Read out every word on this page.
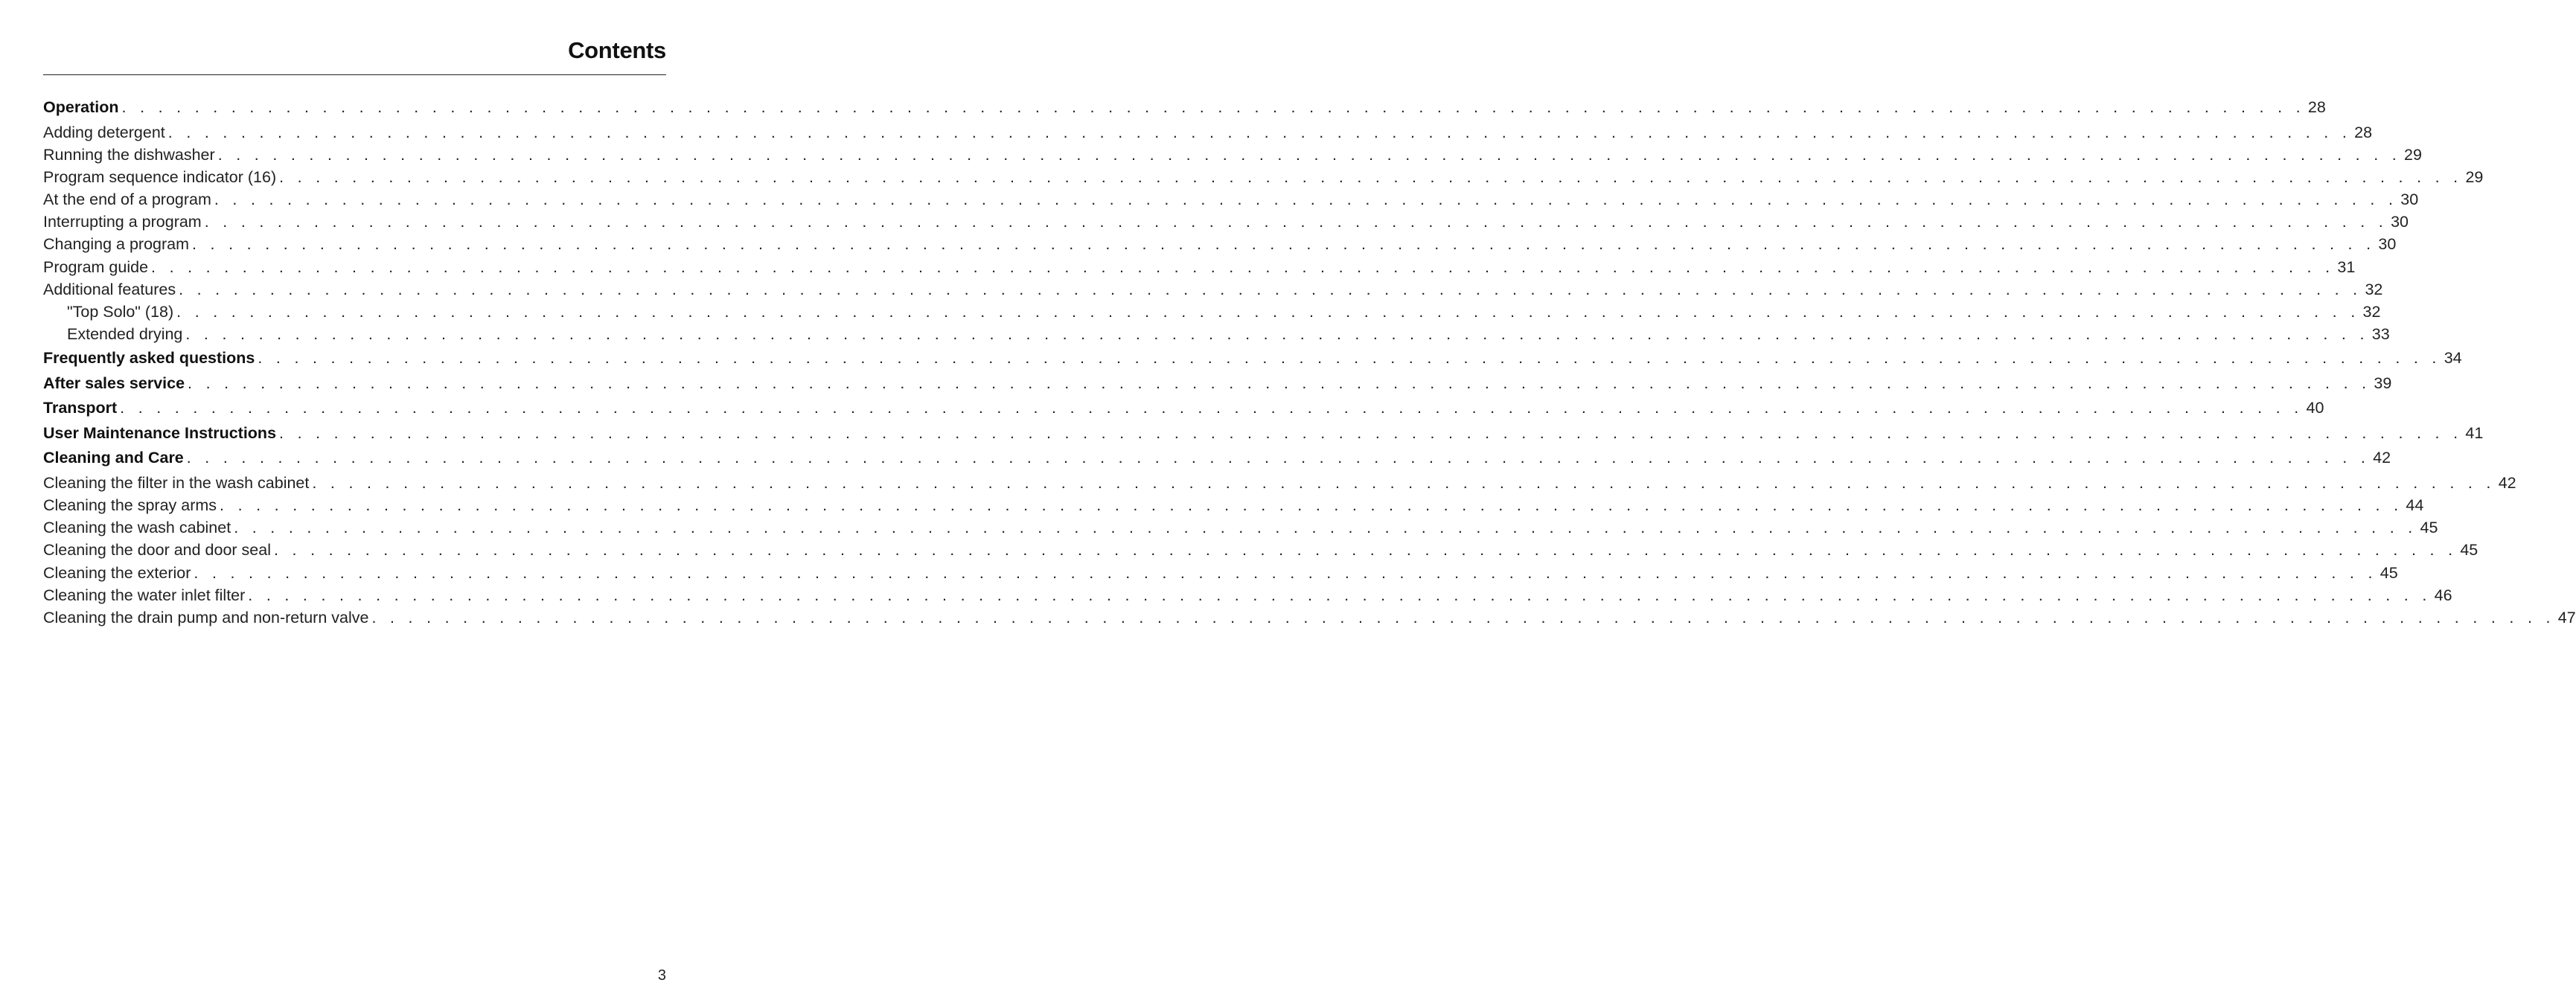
Contents
Operation . . . . . . . . . . . . . . . . . . . . . . . . . . . . . . . . . . . . . . . . . . . . . . . . . . . . . . . . . . . . . . . . . . . . . . . . . . . . . . . . . . . . . . . . . . . . . . . . . . . . . . . . . . . . . . . . . . . . . . . . 28
Adding detergent . . . . . . . . . . . . . . . . . . . . . . . . . . . . . . . . . . . . . . . . . . . . . . . . . . . . . . . . . . . . . . . . . . . . . . . . . . . . . . . . . . . . . . . . . . . . . . . . . . . . . . . . . . . . . . . . . . . . . . . . 28
Running the dishwasher . . . . . . . . . . . . . . . . . . . . . . . . . . . . . . . . . . . . . . . . . . . . . . . . . . . . . . . . . . . . . . . . . . . . . . . . . . . . . . . . . . . . . . . . . . . . . . . . . . . . . . . . . . . . . . . . . . . . . . . . 29
Program sequence indicator (16) . . . . . . . . . . . . . . . . . . . . . . . . . . . . . . . . . . . . . . . . . . . . . . . . . . . . . . . . . . . . . . . . . . . . . . . . . . . . . . . . . . . . . . . . . . . . . . . . . . . . . . . . . . . . . . . . . . . . . . . . 29
At the end of a program . . . . . . . . . . . . . . . . . . . . . . . . . . . . . . . . . . . . . . . . . . . . . . . . . . . . . . . . . . . . . . . . . . . . . . . . . . . . . . . . . . . . . . . . . . . . . . . . . . . . . . . . . . . . . . . . . . . . . . . . 30
Interrupting a program . . . . . . . . . . . . . . . . . . . . . . . . . . . . . . . . . . . . . . . . . . . . . . . . . . . . . . . . . . . . . . . . . . . . . . . . . . . . . . . . . . . . . . . . . . . . . . . . . . . . . . . . . . . . . . . . . . . . . . . . 30
Changing a program . . . . . . . . . . . . . . . . . . . . . . . . . . . . . . . . . . . . . . . . . . . . . . . . . . . . . . . . . . . . . . . . . . . . . . . . . . . . . . . . . . . . . . . . . . . . . . . . . . . . . . . . . . . . . . . . . . . . . . . . 30
Program guide . . . . . . . . . . . . . . . . . . . . . . . . . . . . . . . . . . . . . . . . . . . . . . . . . . . . . . . . . . . . . . . . . . . . . . . . . . . . . . . . . . . . . . . . . . . . . . . . . . . . . . . . . . . . . . . . . . . . . . . . 31
Additional features . . . . . . . . . . . . . . . . . . . . . . . . . . . . . . . . . . . . . . . . . . . . . . . . . . . . . . . . . . . . . . . . . . . . . . . . . . . . . . . . . . . . . . . . . . . . . . . . . . . . . . . . . . . . . . . . . . . . . . . . 32
"Top Solo" (18) . . . . . . . . . . . . . . . . . . . . . . . . . . . . . . . . . . . . . . . . . . . . . . . . . . . . . . . . . . . . . . . . . . . . . . . . . . . . . . . . . . . . . . . . . . . . . . . . . . . . . . . . . . . . . . . . . . . . . . . . 32
Extended drying . . . . . . . . . . . . . . . . . . . . . . . . . . . . . . . . . . . . . . . . . . . . . . . . . . . . . . . . . . . . . . . . . . . . . . . . . . . . . . . . . . . . . . . . . . . . . . . . . . . . . . . . . . . . . . . . . . . . . . . . 33
Frequently asked questions . . . . . . . . . . . . . . . . . . . . . . . . . . . . . . . . . . . . . . . . . . . . . . . . . . . . . . . . . . . . . . . . . . . . . . . . . . . . . . . . . . . . . . . . . . . . . . . . . . . . . . . . . . . . . . . . . . . . . . . . 34
After sales service . . . . . . . . . . . . . . . . . . . . . . . . . . . . . . . . . . . . . . . . . . . . . . . . . . . . . . . . . . . . . . . . . . . . . . . . . . . . . . . . . . . . . . . . . . . . . . . . . . . . . . . . . . . . . . . . . . . . . . . . 39
Transport . . . . . . . . . . . . . . . . . . . . . . . . . . . . . . . . . . . . . . . . . . . . . . . . . . . . . . . . . . . . . . . . . . . . . . . . . . . . . . . . . . . . . . . . . . . . . . . . . . . . . . . . . . . . . . . . . . . . . . . . 40
User Maintenance Instructions . . . . . . . . . . . . . . . . . . . . . . . . . . . . . . . . . . . . . . . . . . . . . . . . . . . . . . . . . . . . . . . . . . . . . . . . . . . . . . . . . . . . . . . . . . . . . . . . . . . . . . . . . . . . . . . . . . . . . . . . 41
Cleaning and Care . . . . . . . . . . . . . . . . . . . . . . . . . . . . . . . . . . . . . . . . . . . . . . . . . . . . . . . . . . . . . . . . . . . . . . . . . . . . . . . . . . . . . . . . . . . . . . . . . . . . . . . . . . . . . . . . . . . . . . . . 42
Cleaning the filter in the wash cabinet . . . . . . . . . . . . . . . . . . . . . . . . . . . . . . . . . . . . . . . . . . . . . . . . . . . . . . . . . . . . . . . . . . . . . . . . . . . . . . . . . . . . . . . . . . . . . . . . . . . . . . . . . . . . . . . . . . . . . . . . 42
Cleaning the spray arms . . . . . . . . . . . . . . . . . . . . . . . . . . . . . . . . . . . . . . . . . . . . . . . . . . . . . . . . . . . . . . . . . . . . . . . . . . . . . . . . . . . . . . . . . . . . . . . . . . . . . . . . . . . . . . . . . . . . . . . . 44
Cleaning the wash cabinet . . . . . . . . . . . . . . . . . . . . . . . . . . . . . . . . . . . . . . . . . . . . . . . . . . . . . . . . . . . . . . . . . . . . . . . . . . . . . . . . . . . . . . . . . . . . . . . . . . . . . . . . . . . . . . . . . . . . . . . . 45
Cleaning the door and door seal . . . . . . . . . . . . . . . . . . . . . . . . . . . . . . . . . . . . . . . . . . . . . . . . . . . . . . . . . . . . . . . . . . . . . . . . . . . . . . . . . . . . . . . . . . . . . . . . . . . . . . . . . . . . . . . . . . . . . . . . 45
Cleaning the exterior . . . . . . . . . . . . . . . . . . . . . . . . . . . . . . . . . . . . . . . . . . . . . . . . . . . . . . . . . . . . . . . . . . . . . . . . . . . . . . . . . . . . . . . . . . . . . . . . . . . . . . . . . . . . . . . . . . . . . . . . 45
Cleaning the water inlet filter . . . . . . . . . . . . . . . . . . . . . . . . . . . . . . . . . . . . . . . . . . . . . . . . . . . . . . . . . . . . . . . . . . . . . . . . . . . . . . . . . . . . . . . . . . . . . . . . . . . . . . . . . . . . . . . . . . . . . . . . 46
Cleaning the drain pump and non-return valve . . . . . . . . . . . . . . . . . . . . . . . . . . . . . . . . . . . . . . . . . . . . . . . . . . . . . . . . . . . . . . . . . . . . . . . . . . . . . . . . . . . . . . . . . . . . . . . . . . . . . . . . . . . . . . . . . . . . . . . . 47
3
